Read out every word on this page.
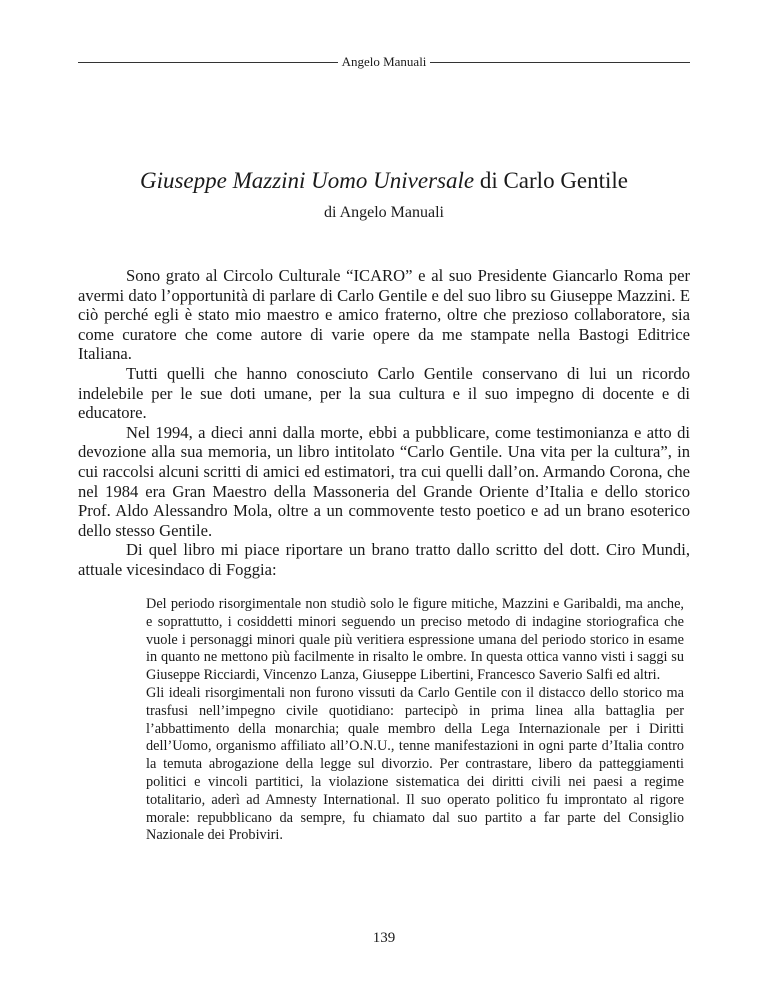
Angelo Manuali
Giuseppe Mazzini Uomo Universale di Carlo Gentile
di Angelo Manuali

Sono grato al Circolo Culturale “ICARO” e al suo Presidente Giancarlo Roma per avermi dato l’opportunità di parlare di Carlo Gentile e del suo libro su Giuseppe Mazzini. E ciò perché egli è stato mio maestro e amico fraterno, oltre che prezioso collaboratore, sia come curatore che come autore di varie opere da me stampate nella Bastogi Editrice Italiana.

Tutti quelli che hanno conosciuto Carlo Gentile conservano di lui un ricordo indelebile per le sue doti umane, per la sua cultura e il suo impegno di docente e di educatore.

Nel 1994, a dieci anni dalla morte, ebbi a pubblicare, come testimonianza e atto di devozione alla sua memoria, un libro intitolato “Carlo Gentile. Una vita per la cultura”, in cui raccolsi alcuni scritti di amici ed estimatori, tra cui quelli dall’on. Armando Corona, che nel 1984 era Gran Maestro della Massoneria del Grande Oriente d’Italia e dello storico Prof. Aldo Alessandro Mola, oltre a un commovente testo poetico e ad un brano esoterico dello stesso Gentile.

Di quel libro mi piace riportare un brano tratto dallo scritto del dott. Ciro Mundi, attuale vicesindaco di Foggia:

Del periodo risorgimentale non studiò solo le figure mitiche, Mazzini e Garibaldi, ma anche, e soprattutto, i cosiddetti minori seguendo un preciso metodo di indagine storiografica che vuole i personaggi minori quale più veritiera espressione umana del periodo storico in esame in quanto ne mettono più facilmente in risalto le ombre. In questa ottica vanno visti i saggi su Giuseppe Ricciardi, Vincenzo Lanza, Giuseppe Libertini, Francesco Saverio Salfi ed altri.

Gli ideali risorgimentali non furono vissuti da Carlo Gentile con il distacco dello storico ma trasfusi nell’impegno civile quotidiano: partecipò in prima linea alla battaglia per l’abbattimento della monarchia; quale membro della Lega Internazionale per i Diritti dell’Uomo, organismo affiliato all’O.N.U., tenne manifestazioni in ogni parte d’Italia contro la temuta abrogazione della legge sul divorzio. Per contrastare, libero da patteggiamenti politici e vincoli partitici, la violazione sistematica dei diritti civili nei paesi a regime totalitario, aderì ad Amnesty International. Il suo operato politico fu improntato al rigore morale: repubblicano da sempre, fu chiamato dal suo partito a far parte del Consiglio Nazionale dei Probiviri.

139
